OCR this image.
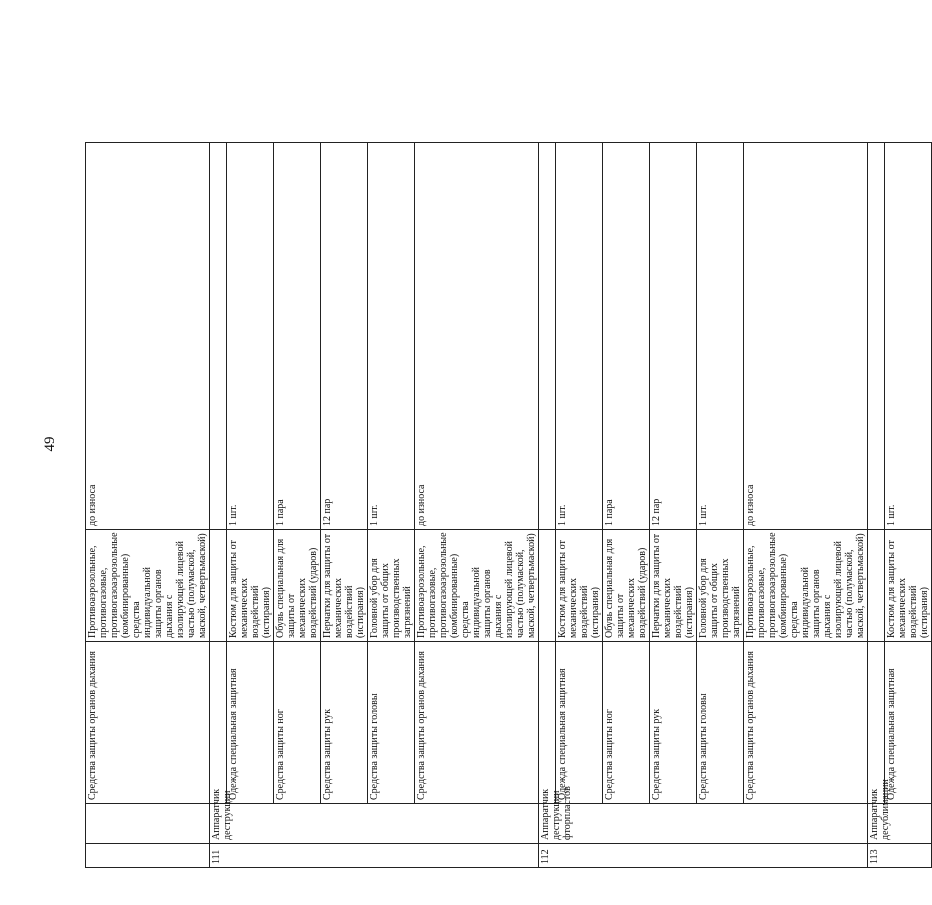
49
		Средства защиты органов дыхания	Противоаэрозольные, противогазовые, противогазоаэрозольные (комбинированные) средства индивидуальной защиты органов дыхания с изолирующей лицевой частью (полумаской, маской, четвертьмаской)	до износа
111	Аппаратчик деструкции			
		Одежда специальная защитная	Костюм для защиты от механических воздействий (истирания)	1 шт.
		Средства защиты ног	Обувь специальная для защиты от механических воздействий (ударов)	1 пара
		Средства защиты рук	Перчатки для защиты от механических воздействий (истирания)	12 пар
		Средства защиты головы	Головной убор для защиты от общих производственных загрязнений	1 шт.
		Средства защиты органов дыхания	Противоаэрозольные, противогазовые, противогазоаэрозольные (комбинированные) средства индивидуальной защиты органов дыхания с изолирующей лицевой частью (полумаской, маской, четвертьмаской)	до износа
112	Аппаратчик деструкции фторпластов			
		Одежда специальная защитная	Костюм для защиты от механических воздействий (истирания)	1 шт.
		Средства защиты ног	Обувь специальная для защиты от механических воздействий (ударов)	1 пара
		Средства защиты рук	Перчатки для защиты от механических воздействий (истирания)	12 пар
		Средства защиты головы	Головной убор для защиты от общих производственных загрязнений	1 шт.
		Средства защиты органов дыхания	Противоаэрозольные, противогазовые, противогазоаэрозольные (комбинированные) средства индивидуальной защиты органов дыхания с изолирующей лицевой частью (полумаской, маской, четвертьмаской)	до износа
113	Аппаратчик десублимации			
		Одежда специальная защитная	Костюм для защиты от механических воздействий (истирания)	1 шт.
